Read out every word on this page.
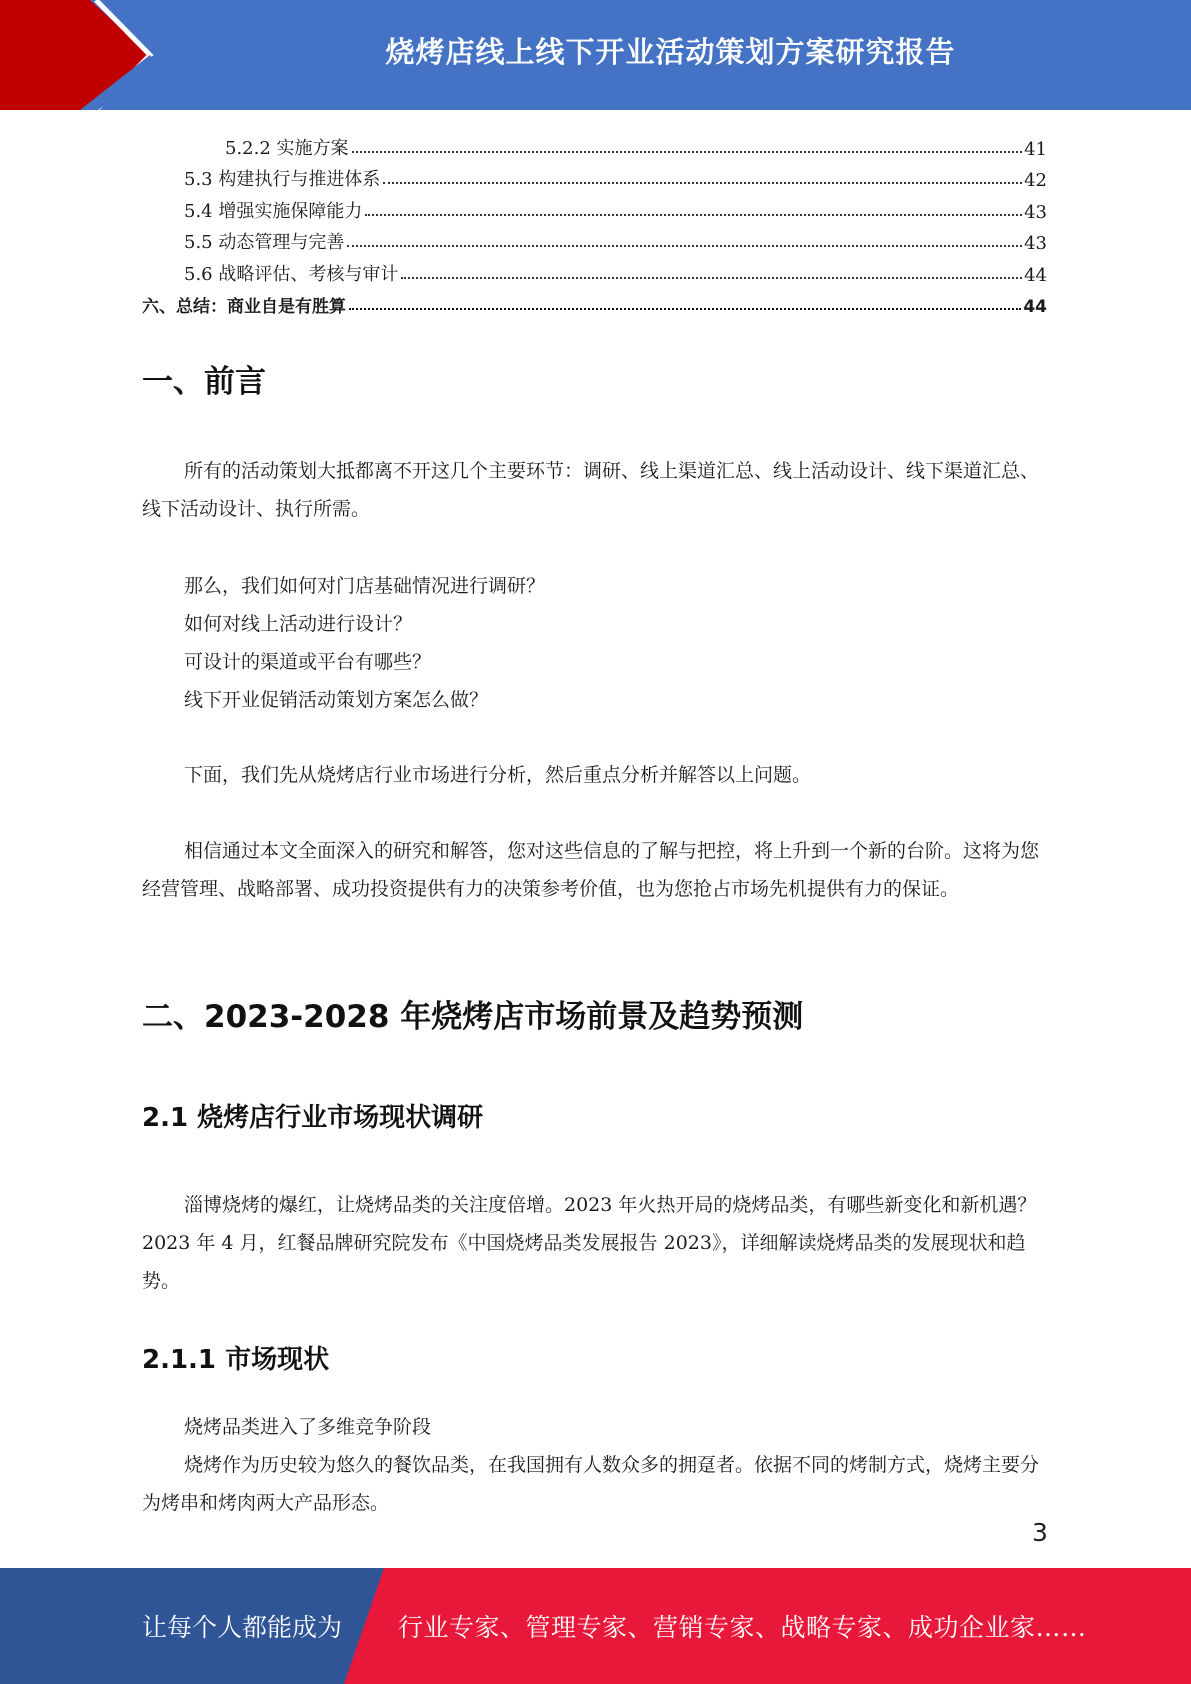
烧烤店线上线下开业活动策划方案研究报告
5.2.2 实施方案	41
5.3 构建执行与推进体系	42
5.4 增强实施保障能力	43
5.5 动态管理与完善	43
5.6 战略评估、考核与审计	44
六、总结：商业自是有胜算	44
一、前言

所有的活动策划大抵都离不开这几个主要环节：调研、线上渠道汇总、线上活动设计、线下渠道汇总、线下活动设计、执行所需。

那么，我们如何对门店基础情况进行调研？

如何对线上活动进行设计？

可设计的渠道或平台有哪些？

线下开业促销活动策划方案怎么做？

下面，我们先从烧烤店行业市场进行分析，然后重点分析并解答以上问题。

相信通过本文全面深入的研究和解答，您对这些信息的了解与把控，将上升到一个新的台阶。这将为您经营管理、战略部署、成功投资提供有力的决策参考价值，也为您抢占市场先机提供有力的保证。

二、2023-2028 年烧烤店市场前景及趋势预测
2.1 烧烤店行业市场现状调研

淄博烧烤的爆红，让烧烤品类的关注度倍增。2023 年火热开局的烧烤品类，有哪些新变化和新机遇？2023 年 4 月，红餐品牌研究院发布《中国烧烤品类发展报告 2023》，详细解读烧烤品类的发展现状和趋势。

2.1.1 市场现状

烧烤品类进入了多维竞争阶段

烧烤作为历史较为悠久的餐饮品类，在我国拥有人数众多的拥趸者。依据不同的烤制方式，烧烤主要分为烤串和烤肉两大产品形态。

3
让每个人都能成为 行业专家、管理专家、营销专家、战略专家、成功企业家……
